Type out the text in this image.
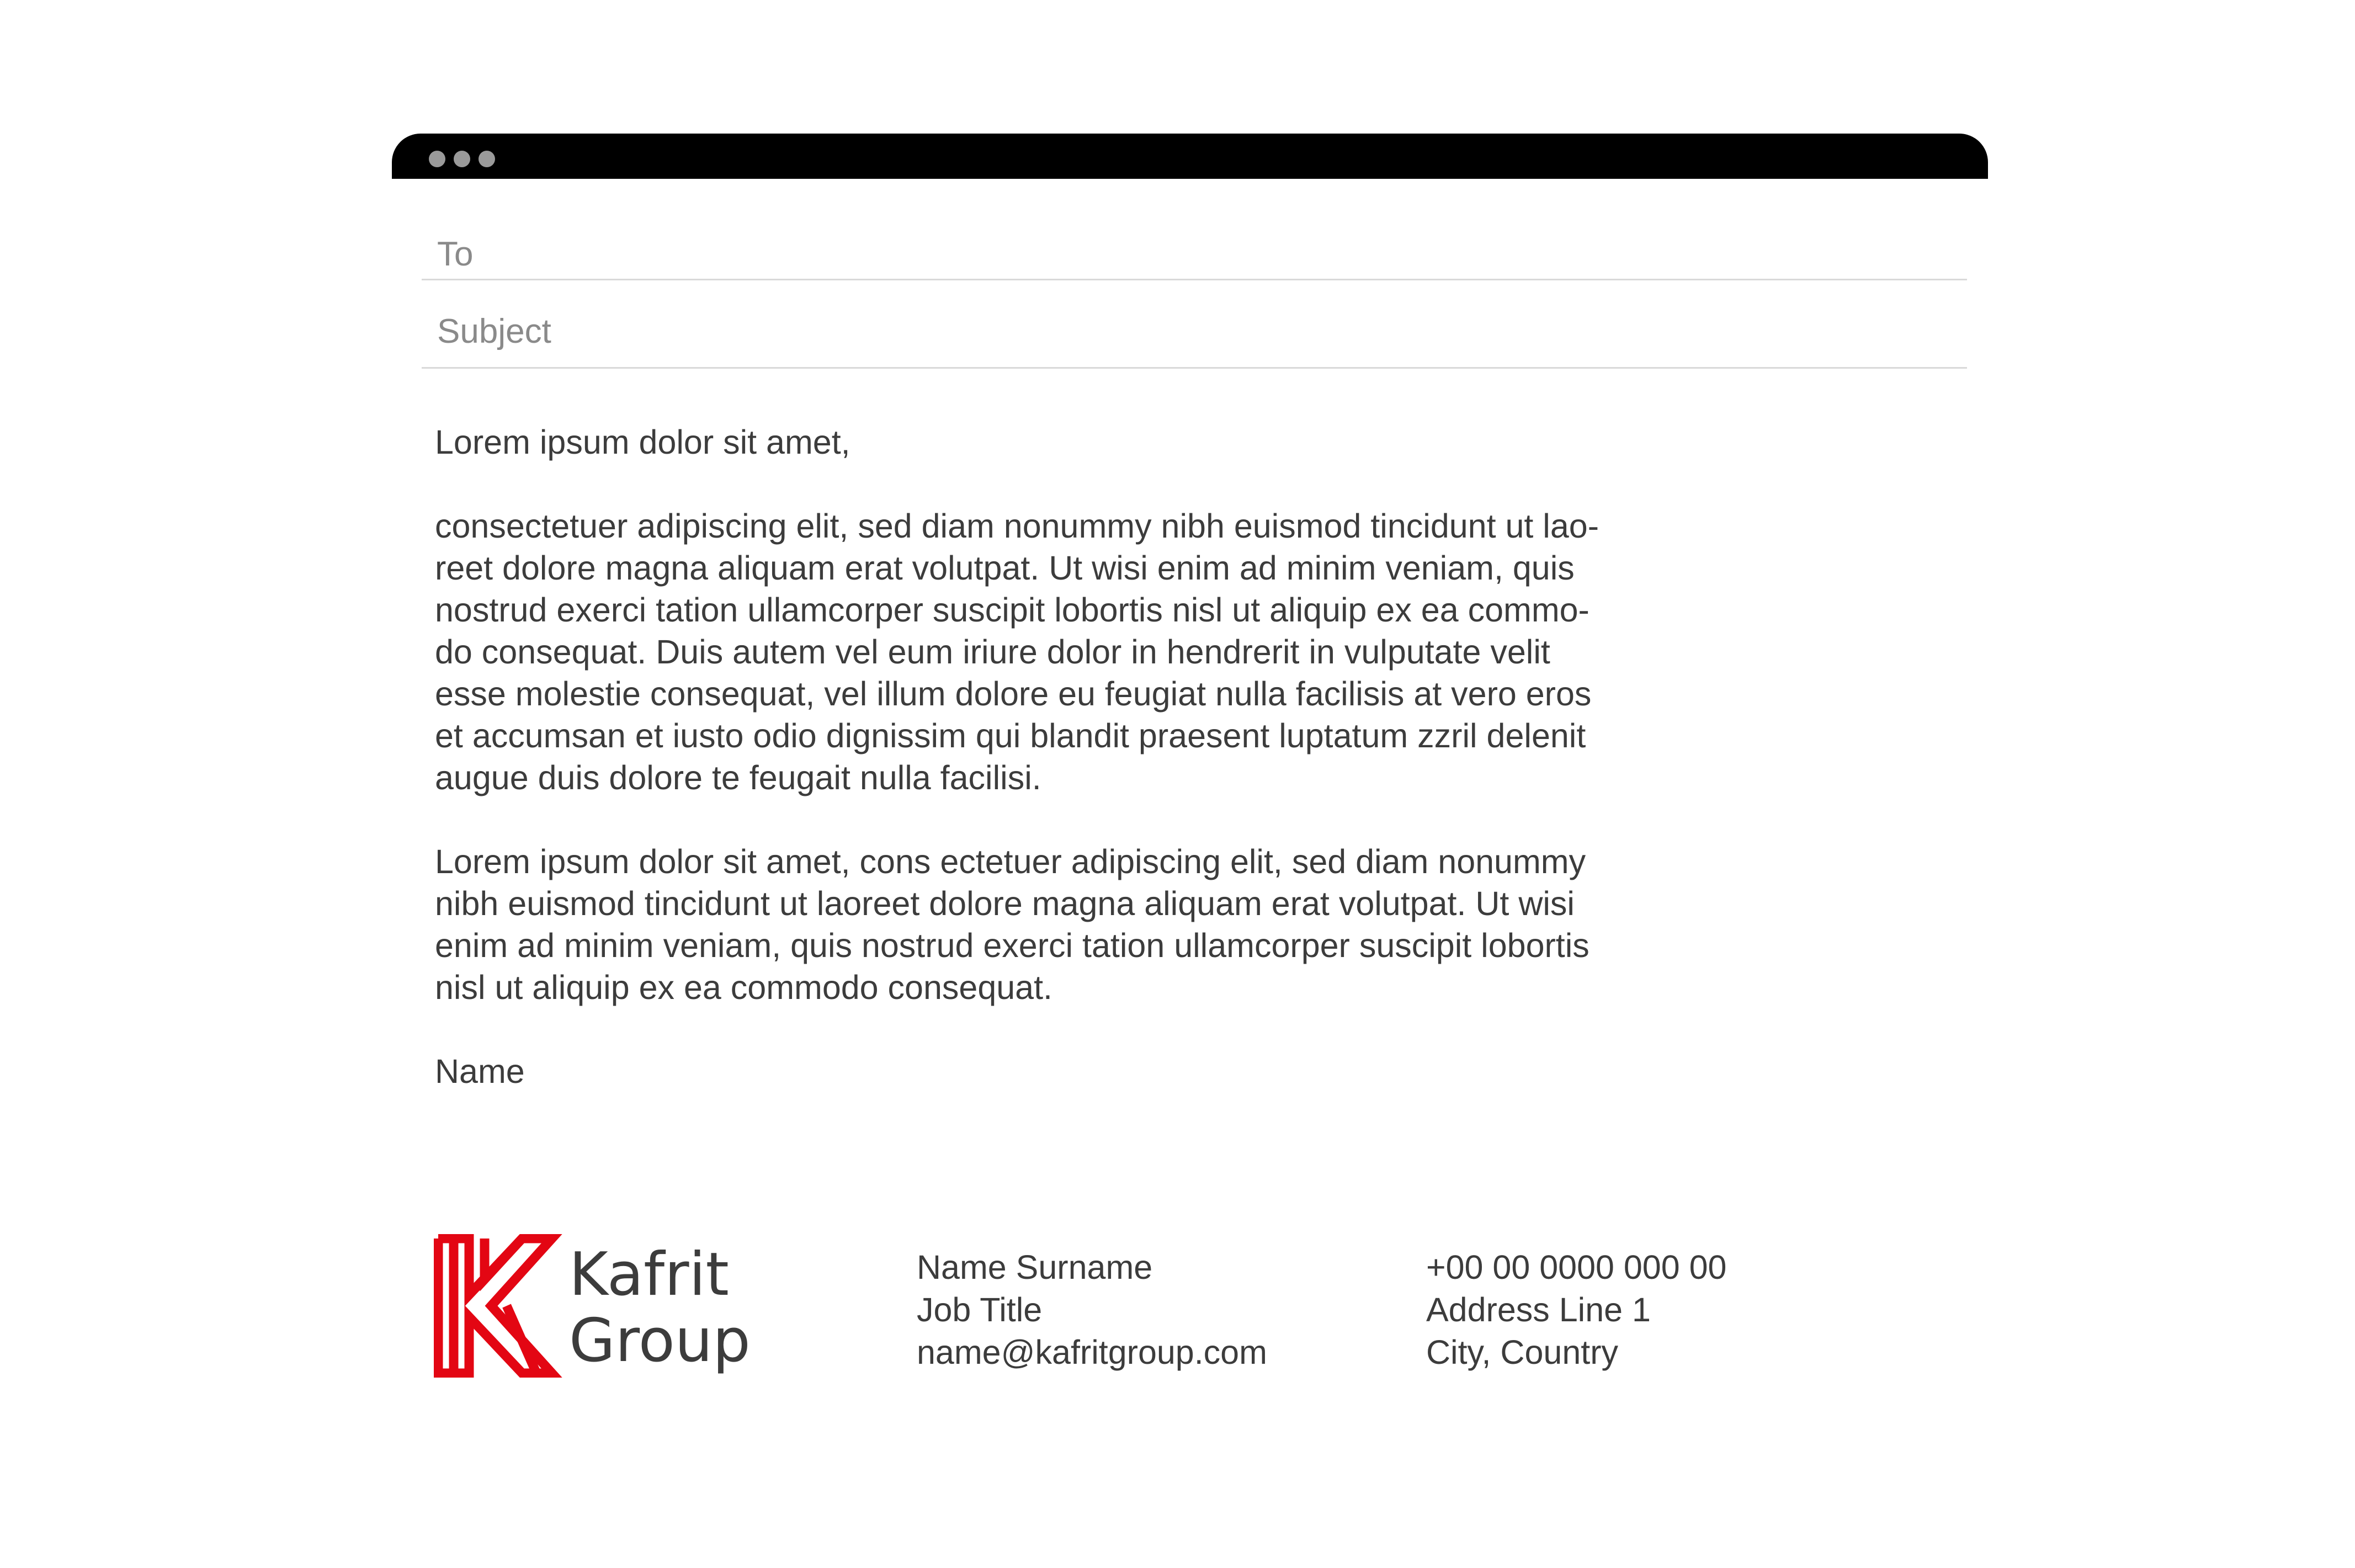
To
Subject

Lorem ipsum dolor sit amet,

consectetuer adipiscing elit, sed diam nonummy nibh euismod tincidunt ut lao-
reet dolore magna aliquam erat volutpat. Ut wisi enim ad minim veniam, quis
nostrud exerci tation ullamcorper suscipit lobortis nisl ut aliquip ex ea commo-
do consequat. Duis autem vel eum iriure dolor in hendrerit in vulputate velit
esse molestie consequat, vel illum dolore eu feugiat nulla facilisis at vero eros
et accumsan et iusto odio dignissim qui blandit praesent luptatum zzril delenit
augue duis dolore te feugait nulla facilisi.

Lorem ipsum dolor sit amet, cons ectetuer adipiscing elit, sed diam nonummy
nibh euismod tincidunt ut laoreet dolore magna aliquam erat volutpat. Ut wisi
enim ad minim veniam, quis nostrud exerci tation ullamcorper suscipit lobortis
nisl ut aliquip ex ea commodo consequat.

Name

Kafrit
Group
Name Surname
Job Title
name@kafritgroup.com
+00 00 0000 000 00
Address Line 1
City, Country
